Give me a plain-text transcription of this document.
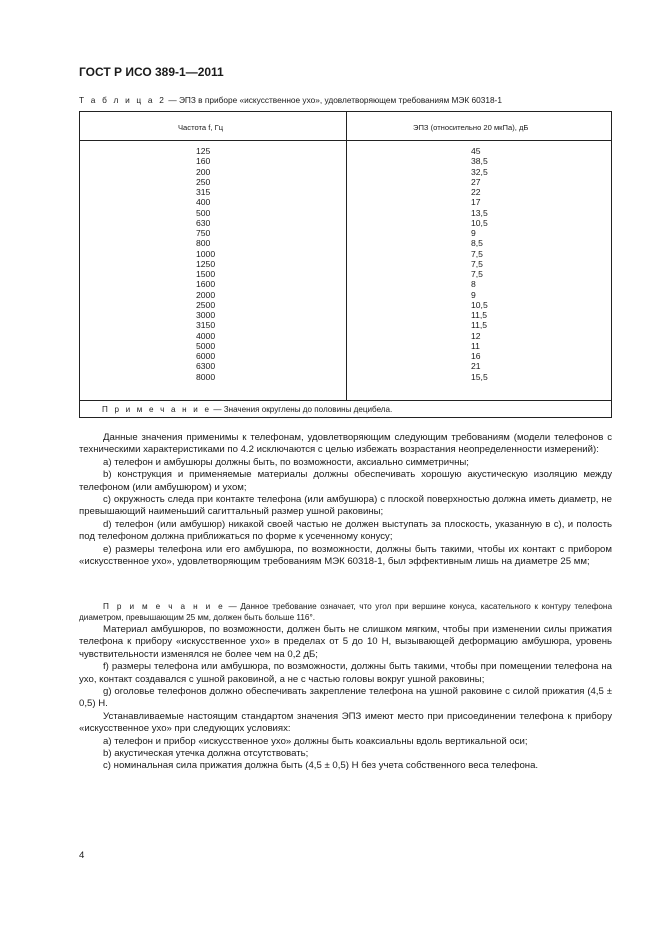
ГОСТ Р ИСО 389-1—2011
Т а б л и ц а 2 — ЭПЗ в приборе «искусственное ухо», удовлетворяющем требованиям МЭК 60318-1
Частота f, Гц	ЭПЗ (относительно 20 мкПа), дБ
125
160
200
250
315
400
500
630
750
800
1000
1250
1500
1600
2000
2500
3000
3150
4000
5000
6000
6300
8000
45
38,5
32,5
27
22
17
13,5
10,5
9
8,5
7,5
7,5
7,5
8
9
10,5
11,5
11,5
12
11
16
21
15,5
П р и м е ч а н и е — Значения округлены до половины децибела.

Данные значения применимы к телефонам, удовлетворяющим следующим требованиям (модели телефонов с техническими характеристиками по 4.2 исключаются с целью избежать возрастания неопределенности измерений):

a) телефон и амбушюры должны быть, по возможности, аксиально симметричны;

b) конструкция и применяемые материалы должны обеспечивать хорошую акустическую изоляцию между телефоном (или амбушюром) и ухом;

c) окружность следа при контакте телефона (или амбушюра) с плоской поверхностью должна иметь диаметр, не превышающий наименьший сагиттальный размер ушной раковины;

d) телефон (или амбушюр) никакой своей частью не должен выступать за плоскость, указанную в с), и полость под телефоном должна приближаться по форме к усеченному конусу;

e) размеры телефона или его амбушюра, по возможности, должны быть такими, чтобы их контакт с прибором «искусственное ухо», удовлетворяющим требованиям МЭК 60318-1, был эффективным лишь на диаметре 25 мм;

П р и м е ч а н и е — Данное требование означает, что угол при вершине конуса, касательного к контуру телефона диаметром, превышающим 25 мм, должен быть больше 116°.

Материал амбушюров, по возможности, должен быть не слишком мягким, чтобы при изменении силы прижатия телефона к прибору «искусственное ухо» в пределах от 5 до 10 Н, вызывающей деформацию амбушюра, уровень чувствительности изменялся не более чем на 0,2 дБ;

f) размеры телефона или амбушюра, по возможности, должны быть такими, чтобы при помещении телефона на ухо, контакт создавался с ушной раковиной, а не с частью головы вокруг ушной раковины;

g) оголовье телефонов должно обеспечивать закрепление телефона на ушной раковине с силой прижатия (4,5 ± 0,5) Н.

Устанавливаемые настоящим стандартом значения ЭПЗ имеют место при присоединении телефона к прибору «искусственное ухо» при следующих условиях:

a) телефон и прибор «искусственное ухо» должны быть коаксиальны вдоль вертикальной оси;

b) акустическая утечка должна отсутствовать;

c) номинальная сила прижатия должна быть (4,5 ± 0,5) Н без учета собственного веса телефона.

4
